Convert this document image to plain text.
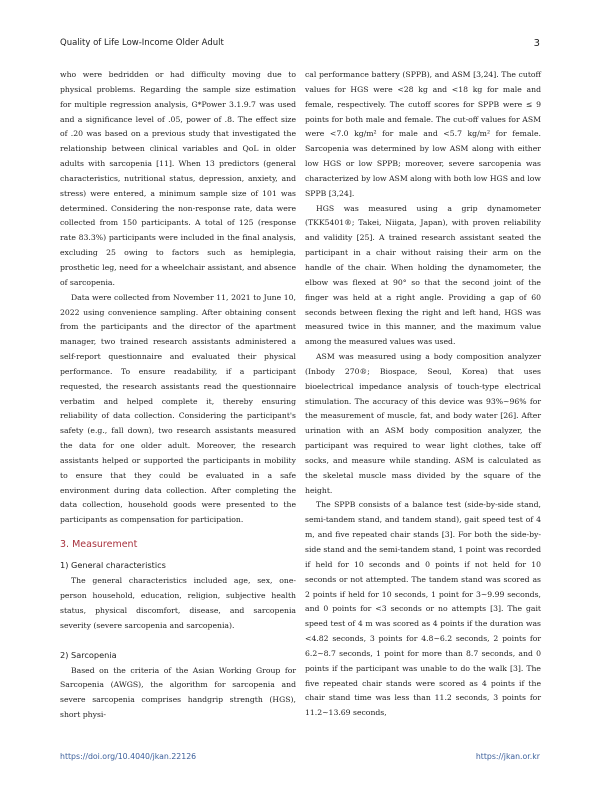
Quality of Life Low-Income Older Adult	3

who were bedridden or had difficulty moving due to physical problems. Regarding the sample size estimation for multiple regression analysis, G*Power 3.1.9.7 was used and a significance level of .05, power of .8. The effect size of .20 was based on a previous study that investigated the relationship between clinical variables and QoL in older adults with sarcopenia [11]. When 13 predictors (general characteristics, nutritional status, depression, anxiety, and stress) were entered, a minimum sample size of 101 was determined. Considering the non-response rate, data were collected from 150 participants. A total of 125 (response rate 83.3%) participants were included in the final analysis, excluding 25 owing to factors such as hemiplegia, prosthetic leg, need for a wheelchair assistant, and absence of sarcopenia.

Data were collected from November 11, 2021 to June 10, 2022 using convenience sampling. After obtaining consent from the participants and the director of the apartment manager, two trained research assistants administered a self-report questionnaire and evaluated their physical performance. To ensure readability, if a participant requested, the research assistants read the questionnaire verbatim and helped complete it, thereby ensuring reliability of data collection. Considering the participant's safety (e.g., fall down), two research assistants measured the data for one older adult. Moreover, the research assistants helped or supported the participants in mobility to ensure that they could be evaluated in a safe environment during data collection. After completing the data collection, household goods were presented to the participants as compensation for participation.

3. Measurement
1) General characteristics

The general characteristics included age, sex, one-person household, education, religion, subjective health status, physical discomfort, disease, and sarcopenia severity (severe sarcopenia and sarcopenia).

2) Sarcopenia

Based on the criteria of the Asian Working Group for Sarcopenia (AWGS), the algorithm for sarcopenia and severe sarcopenia comprises handgrip strength (HGS), short physi-

cal performance battery (SPPB), and ASM [3,24]. The cutoff values for HGS were <28 kg and <18 kg for male and female, respectively. The cutoff scores for SPPB were ≤ 9 points for both male and female. The cut-off values for ASM were <7.0 kg/m² for male and <5.7 kg/m² for female. Sarcopenia was determined by low ASM along with either low HGS or low SPPB; moreover, severe sarcopenia was characterized by low ASM along with both low HGS and low SPPB [3,24].

HGS was measured using a grip dynamometer (TKK5401®; Takei, Niigata, Japan), with proven reliability and validity [25]. A trained research assistant seated the participant in a chair without raising their arm on the handle of the chair. When holding the dynamometer, the elbow was flexed at 90° so that the second joint of the finger was held at a right angle. Providing a gap of 60 seconds between flexing the right and left hand, HGS was measured twice in this manner, and the maximum value among the measured values was used.

ASM was measured using a body composition analyzer (Inbody 270®; Biospace, Seoul, Korea) that uses bioelectrical impedance analysis of touch-type electrical stimulation. The accuracy of this device was 93%~96% for the measurement of muscle, fat, and body water [26]. After urination with an ASM body composition analyzer, the participant was required to wear light clothes, take off socks, and measure while standing. ASM is calculated as the skeletal muscle mass divided by the square of the height.

The SPPB consists of a balance test (side-by-side stand, semi-tandem stand, and tandem stand), gait speed test of 4 m, and five repeated chair stands [3]. For both the side-by-side stand and the semi-tandem stand, 1 point was recorded if held for 10 seconds and 0 points if not held for 10 seconds or not attempted. The tandem stand was scored as 2 points if held for 10 seconds, 1 point for 3~9.99 seconds, and 0 points for <3 seconds or no attempts [3]. The gait speed test of 4 m was scored as 4 points if the duration was <4.82 seconds, 3 points for 4.8~6.2 seconds, 2 points for 6.2~8.7 seconds, 1 point for more than 8.7 seconds, and 0 points if the participant was unable to do the walk [3]. The five repeated chair stands were scored as 4 points if the chair stand time was less than 11.2 seconds, 3 points for 11.2~13.69 seconds,

https://doi.org/10.4040/jkan.22126	https://jkan.or.kr
